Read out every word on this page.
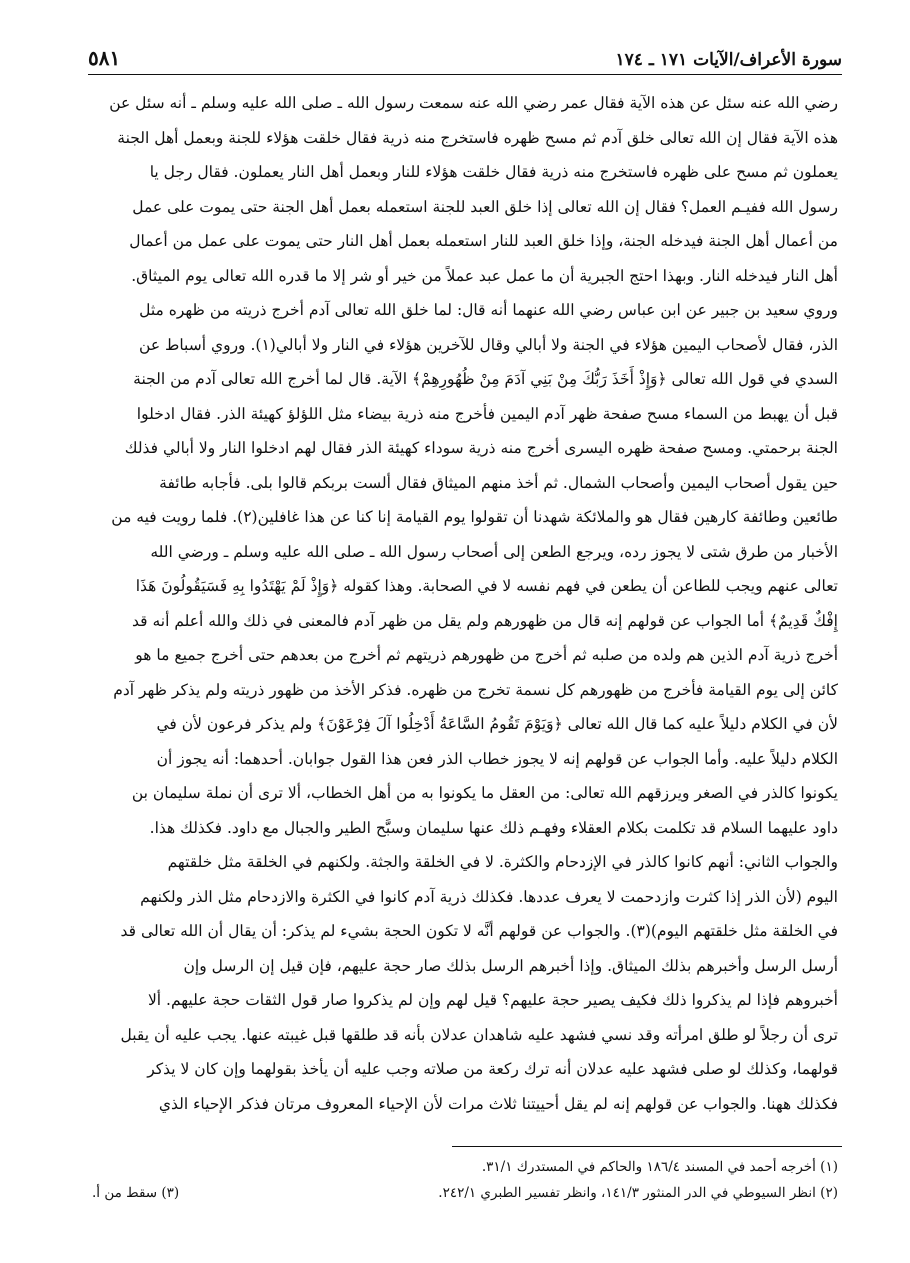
سورة الأعراف/الآيات ١٧١ ـ ١٧٤
٥٨١
رضي الله عنه سئل عن هذه الآية فقال عمر رضي الله عنه سمعت رسول الله ـ صلى الله عليه وسلم ـ أنه سئل عن
هذه الآية فقال إن الله تعالى خلق آدم ثم مسح ظهره فاستخرج منه ذرية فقال خلقت هؤلاء للجنة وبعمل أهل الجنة
يعملون ثم مسح على ظهره فاستخرج منه ذرية فقال خلقت هؤلاء للنار وبعمل أهل النار يعملون. فقال رجل يا
رسول الله ففيـم العمل؟ فقال إن الله تعالى إذا خلق العبد للجنة استعمله بعمل أهل الجنة حتى يموت على عمل
من أعمال أهل الجنة فيدخله الجنة، وإذا خلق العبد للنار استعمله بعمل أهل النار حتى يموت على عمل من أعمال
أهل النار فيدخله النار. وبهذا احتج الجبرية أن ما عمل عبد عملاً من خير أو شر إلا ما قدره الله تعالى يوم الميثاق.
وروي سعيد بن جبير عن ابن عباس رضي الله عنهما أنه قال: لما خلق الله تعالى آدم أخرج ذريته من ظهره مثل
الذر، فقال لأصحاب اليمين هؤلاء في الجنة ولا أبالي وقال للآخرين هؤلاء في النار ولا أبالي(١). وروي أسباط عن
السدي في قول الله تعالى ﴿وَإِذْ أَخَذَ رَبُّكَ مِنْ بَنِي آدَمَ مِنْ ظُهُورِهِمْ﴾ الآية. قال لما أخرج الله تعالى آدم من الجنة
قبل أن يهبط من السماء مسح صفحة ظهر آدم اليمين فأخرج منه ذرية بيضاء مثل اللؤلؤ كهيئة الذر. فقال ادخلوا
الجنة برحمتي. ومسح صفحة ظهره اليسرى أخرج منه ذرية سوداء كهيئة الذر فقال لهم ادخلوا النار ولا أبالي فذلك
حين يقول أصحاب اليمين وأصحاب الشمال. ثم أخذ منهم الميثاق فقال ألست بربكم قالوا بلى. فأجابه طائفة
طائعين وطائفة كارهين فقال هو والملائكة شهدنا أن تقولوا يوم القيامة إنا كنا عن هذا غافلين(٢). فلما رويت فيه من
الأخبار من طرق شتى لا يجوز رده، ويرجع الطعن إلى أصحاب رسول الله ـ صلى الله عليه وسلم ـ ورضي الله
تعالى عنهم ويجب للطاعن أن يطعن في فهم نفسه لا في الصحابة. وهذا كقوله ﴿وَإِذْ لَمْ يَهْتَدُوا بِهِ فَسَيَقُولُونَ هَذَا
إِفْكٌ قَدِيمٌ﴾ أما الجواب عن قولهم إنه قال من ظهورهم ولم يقل من ظهر آدم فالمعنى في ذلك والله أعلم أنه قد
أخرج ذرية آدم الذين هم ولده من صلبه ثم أخرج من ظهورهم ذريتهم ثم أخرج من بعدهم حتى أخرج جميع ما هو
كائن إلى يوم القيامة فأخرج من ظهورهم كل نسمة تخرج من ظهره. فذكر الأخذ من ظهور ذريته ولم يذكر ظهر آدم
لأن في الكلام دليلاً عليه كما قال الله تعالى ﴿وَيَوْمَ تَقُومُ السَّاعَةُ أَدْخِلُوا آلَ فِرْعَوْنَ﴾ ولم يذكر فرعون لأن في
الكلام دليلاً عليه. وأما الجواب عن قولهم إنه لا يجوز خطاب الذر فعن هذا القول جوابان. أحدهما: أنه يجوز أن
يكونوا كالذر في الصغر ويرزقهم الله تعالى: من العقل ما يكونوا به من أهل الخطاب، ألا ترى أن نملة سليمان بن
داود عليهما السلام قد تكلمت بكلام العقلاء وفهـم ذلك عنها سليمان وسبَّح الطير والجبال مع داود. فكذلك هذا.
والجواب الثاني: أنهم كانوا كالذر في الإزدحام والكثرة. لا في الخلقة والجثة. ولكنهم في الخلقة مثل خلقتهم
اليوم (لأن الذر إذا كثرت وازدحمت لا يعرف عددها. فكذلك ذرية آدم كانوا في الكثرة والازدحام مثل الذر ولكنهم
في الخلقة مثل خلقتهم اليوم)(٣). والجواب عن قولهم أنَّه لا تكون الحجة بشيء لم يذكر: أن يقال أن الله تعالى قد
أرسل الرسل وأخبرهم بذلك الميثاق. وإذا أخبرهم الرسل بذلك صار حجة عليهم، فإن قيل إن الرسل وإن
أخبروهم فإذا لم يذكروا ذلك فكيف يصير حجة عليهم؟ قيل لهم وإن لم يذكروا صار قول الثقات حجة عليهم. ألا
ترى أن رجلاً لو طلق امرأته وقد نسي فشهد عليه شاهدان عدلان بأنه قد طلقها قبل غيبته عنها. يجب عليه أن يقبل
قولهما، وكذلك لو صلى فشهد عليه عدلان أنه ترك ركعة من صلاته وجب عليه أن يأخذ بقولهما وإن كان لا يذكر
فكذلك ههنا. والجواب عن قولهم إنه لم يقل أحييتنا ثلاث مرات لأن الإحياء المعروف مرتان فذكر الإحياء الذي
(١) أخرجه أحمد في المسند ١٨٦/٤ والحاكم في المستدرك ٣١/١.
(٢) انظر السيوطي في الدر المنثور ١٤١/٣، وانظر تفسير الطبري ٢٤٢/١.
(٣) سقط من أ.
